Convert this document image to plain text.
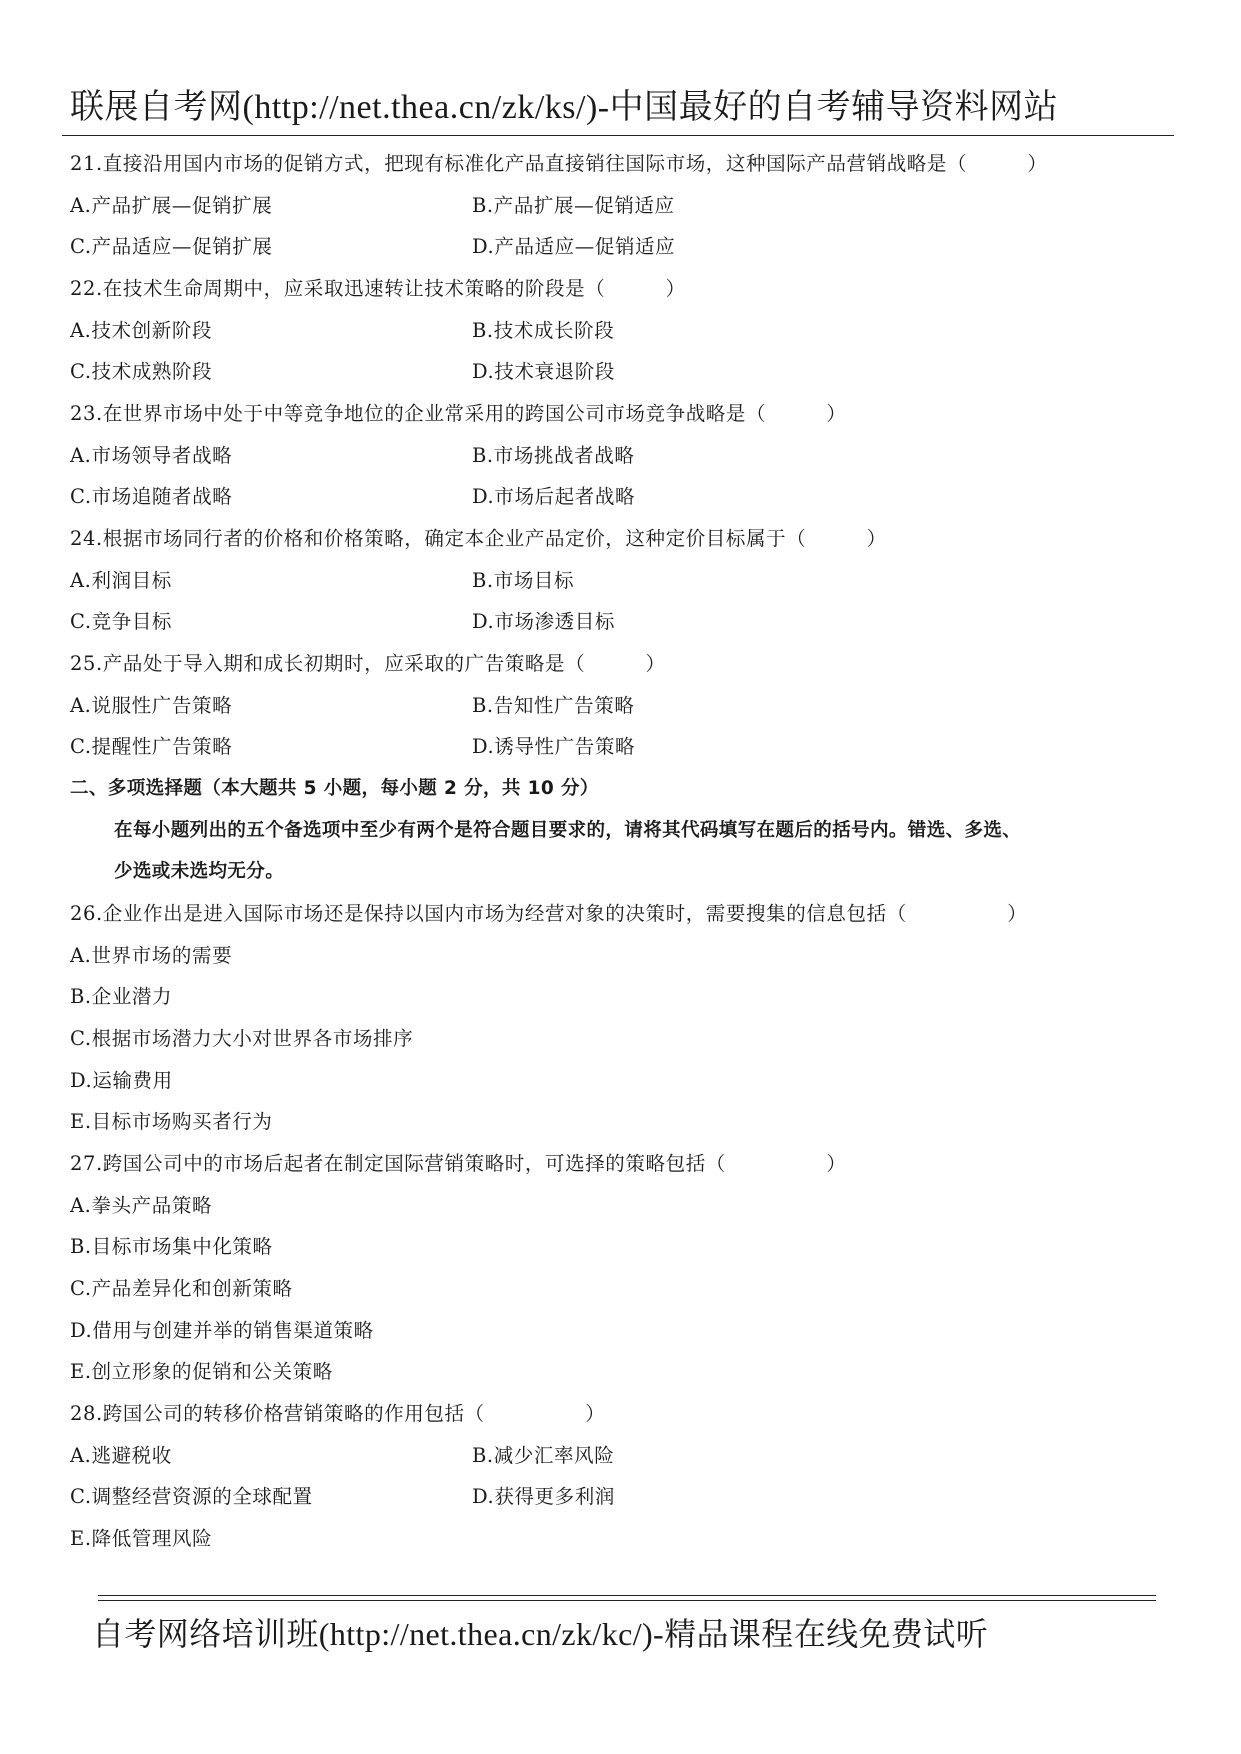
联展自考网(http://net.thea.cn/zk/ks/)-中国最好的自考辅导资料网站
21.直接沿用国内市场的促销方式，把现有标准化产品直接销往国际市场，这种国际产品营销战略是（　　　）
A.产品扩展—促销扩展	B.产品扩展—促销适应
C.产品适应—促销扩展	D.产品适应—促销适应
22.在技术生命周期中，应采取迅速转让技术策略的阶段是（　　　）
A.技术创新阶段	B.技术成长阶段
C.技术成熟阶段	D.技术衰退阶段
23.在世界市场中处于中等竞争地位的企业常采用的跨国公司市场竞争战略是（　　　）
A.市场领导者战略	B.市场挑战者战略
C.市场追随者战略	D.市场后起者战略
24.根据市场同行者的价格和价格策略，确定本企业产品定价，这种定价目标属于（　　　）
A.利润目标	B.市场目标
C.竞争目标	D.市场渗透目标
25.产品处于导入期和成长初期时，应采取的广告策略是（　　　）
A.说服性广告策略	B.告知性广告策略
C.提醒性广告策略	D.诱导性广告策略
二、多项选择题（本大题共 5 小题，每小题 2 分，共 10 分）
在每小题列出的五个备选项中至少有两个是符合题目要求的，请将其代码填写在题后的括号内。错选、多选、
少选或未选均无分。
26.企业作出是进入国际市场还是保持以国内市场为经营对象的决策时，需要搜集的信息包括（　　　　　）
A.世界市场的需要
B.企业潜力
C.根据市场潜力大小对世界各市场排序
D.运输费用
E.目标市场购买者行为
27.跨国公司中的市场后起者在制定国际营销策略时，可选择的策略包括（　　　　　）
A.拳头产品策略
B.目标市场集中化策略
C.产品差异化和创新策略
D.借用与创建并举的销售渠道策略
E.创立形象的促销和公关策略
28.跨国公司的转移价格营销策略的作用包括（　　　　　）
A.逃避税收	B.减少汇率风险
C.调整经营资源的全球配置	D.获得更多利润
E.降低管理风险
自考网络培训班(http://net.thea.cn/zk/kc/)-精品课程在线免费试听
